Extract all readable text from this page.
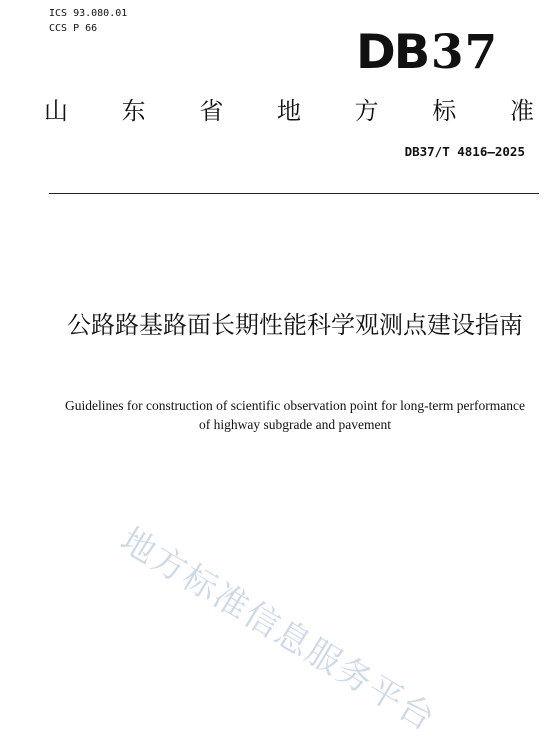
ICS 93.080.01
CCS P 66	DB 37
山 东 省 地 方 标 准
DB37/T 4816—2025
公路路基路面长期性能科学观测点建设指南
Guidelines for construction of scientific observation point for long-term performance
of highway subgrade and pavement
地方标准信息服务平台
